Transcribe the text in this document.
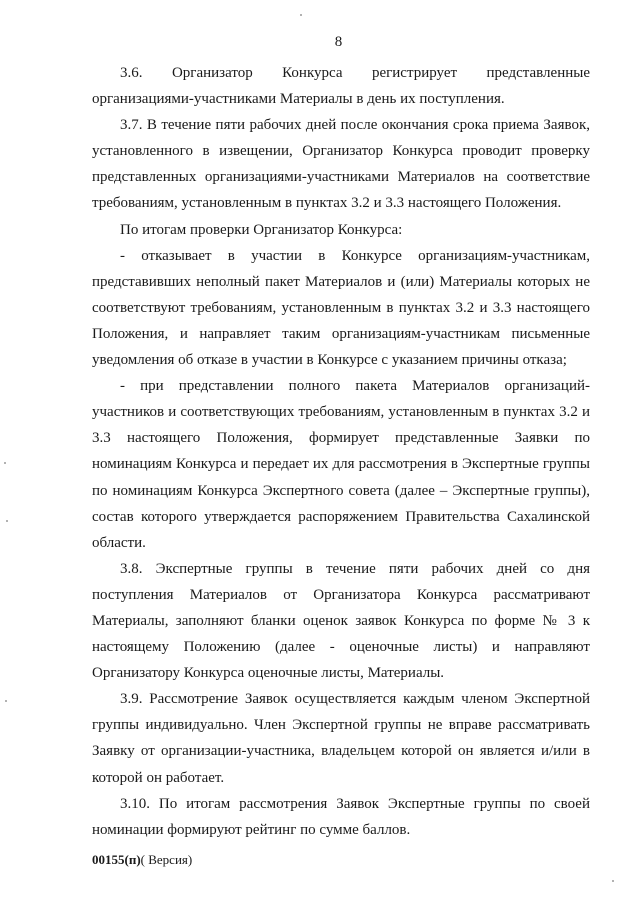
8

3.6. Организатор Конкурса регистрирует представленные организациями-участниками Материалы в день их поступления.

3.7. В течение пяти рабочих дней после окончания срока приема Заявок, установленного в извещении, Организатор Конкурса проводит проверку представленных организациями-участниками Материалов на соответствие требованиям, установленным в пунктах 3.2 и 3.3 настоящего Положения.

По итогам проверки Организатор Конкурса:

- отказывает в участии в Конкурсе организациям-участникам, представивших неполный пакет Материалов и (или) Материалы которых не соответствуют требованиям, установленным в пунктах 3.2 и 3.3 настоящего Положения, и направляет таким организациям-участникам письменные уведомления об отказе в участии в Конкурсе с указанием причины отказа;

- при представлении полного пакета Материалов организаций-участников и соответствующих требованиям, установленным в пунктах 3.2 и 3.3 настоящего Положения, формирует представленные Заявки по номинациям Конкурса и передает их для рассмотрения в Экспертные группы по номинациям Конкурса Экспертного совета (далее – Экспертные группы), состав которого утверждается распоряжением Правительства Сахалинской области.

3.8. Экспертные группы в течение пяти рабочих дней со дня поступления Материалов от Организатора Конкурса рассматривают Материалы, заполняют бланки оценок заявок Конкурса по форме № 3 к настоящему Положению (далее - оценочные листы) и направляют Организатору Конкурса оценочные листы, Материалы.

3.9. Рассмотрение Заявок осуществляется каждым членом Экспертной группы индивидуально. Член Экспертной группы не вправе рассматривать Заявку от организации-участника, владельцем которой он является и/или в которой он работает.

3.10. По итогам рассмотрения Заявок Экспертные группы по своей номинации формируют рейтинг по сумме баллов.

00155(п)( Версия)
